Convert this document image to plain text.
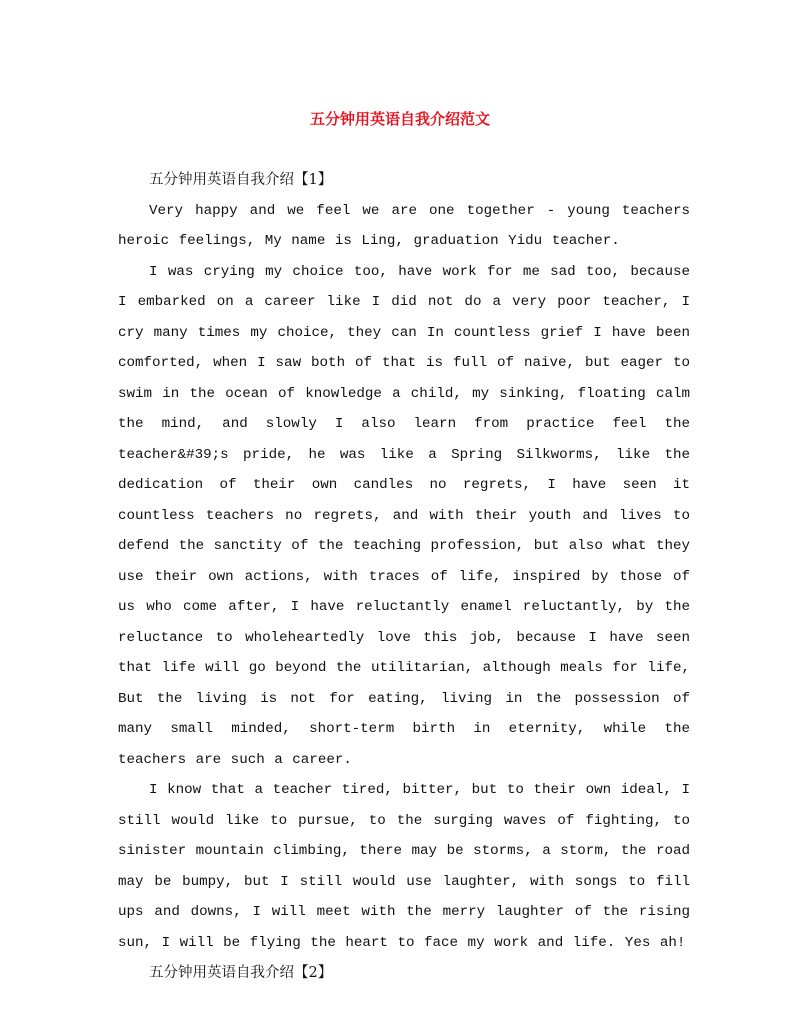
五分钟用英语自我介绍范文

五分钟用英语自我介绍【1】

Very happy and we feel we are one together - young teachers heroic feelings, My name is Ling, graduation Yidu teacher.

I was crying my choice too, have work for me sad too, because I embarked on a career like I did not do a very poor teacher, I cry many times my choice, they can In countless grief I have been comforted, when I saw both of that is full of naive, but eager to swim in the ocean of knowledge a child, my sinking, floating calm the mind, and slowly I also learn from practice feel the teacher&#39;s pride, he was like a Spring Silkworms, like the dedication of their own candles no regrets, I have seen it countless teachers no regrets, and with their youth and lives to defend the sanctity of the teaching profession, but also what they use their own actions, with traces of life, inspired by those of us who come after, I have reluctantly enamel reluctantly, by the reluctance to wholeheartedly love this job, because I have seen that life will go beyond the utilitarian, although meals for life, But the living is not for eating, living in the possession of many small minded, short-term birth in eternity, while the teachers are such a career.

I know that a teacher tired, bitter, but to their own ideal, I still would like to pursue, to the surging waves of fighting, to sinister mountain climbing, there may be storms, a storm, the road may be bumpy, but I still would use laughter, with songs to fill ups and downs, I will meet with the merry laughter of the rising sun, I will be flying the heart to face my work and life. Yes ah!

五分钟用英语自我介绍【2】
